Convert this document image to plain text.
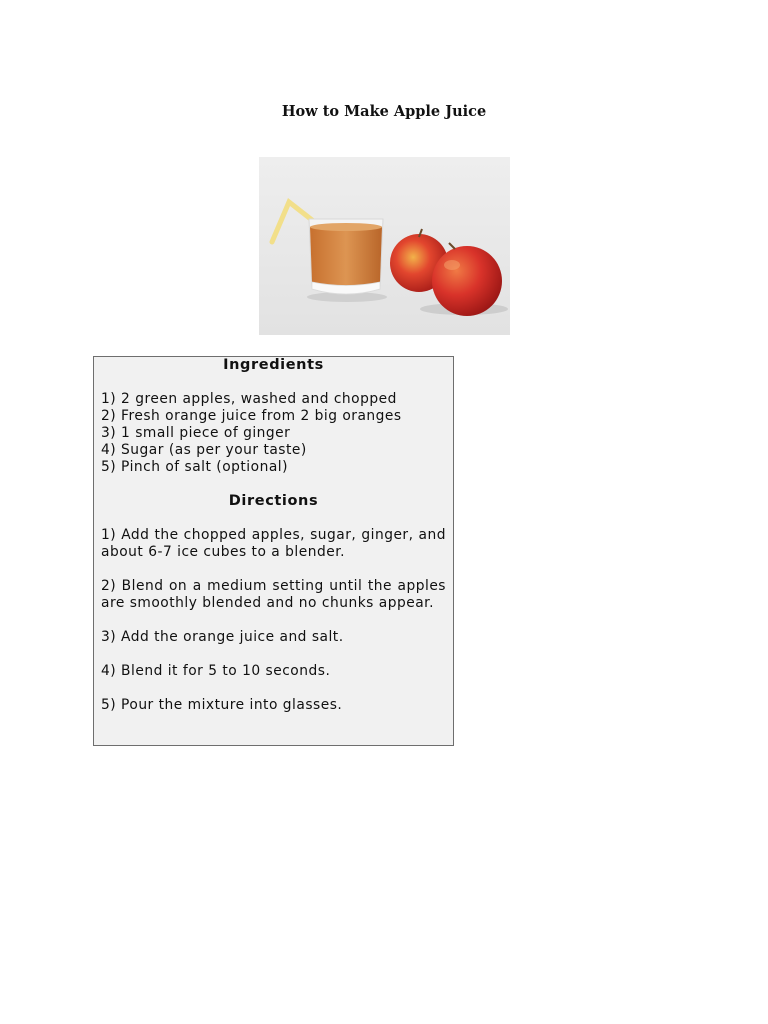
How to Make Apple Juice
Ingredients
1) 2 green apples, washed and chopped
2) Fresh orange juice from 2 big oranges
3) 1 small piece of ginger
4) Sugar (as per your taste)
5) Pinch of salt (optional)
Directions

1) Add the chopped apples, sugar, ginger, and about 6-7 ice cubes to a blender.

2) Blend on a medium setting until the apples are smoothly blended and no chunks appear.

3) Add the orange juice and salt.

4) Blend it for 5 to 10 seconds.

5) Pour the mixture into glasses.
